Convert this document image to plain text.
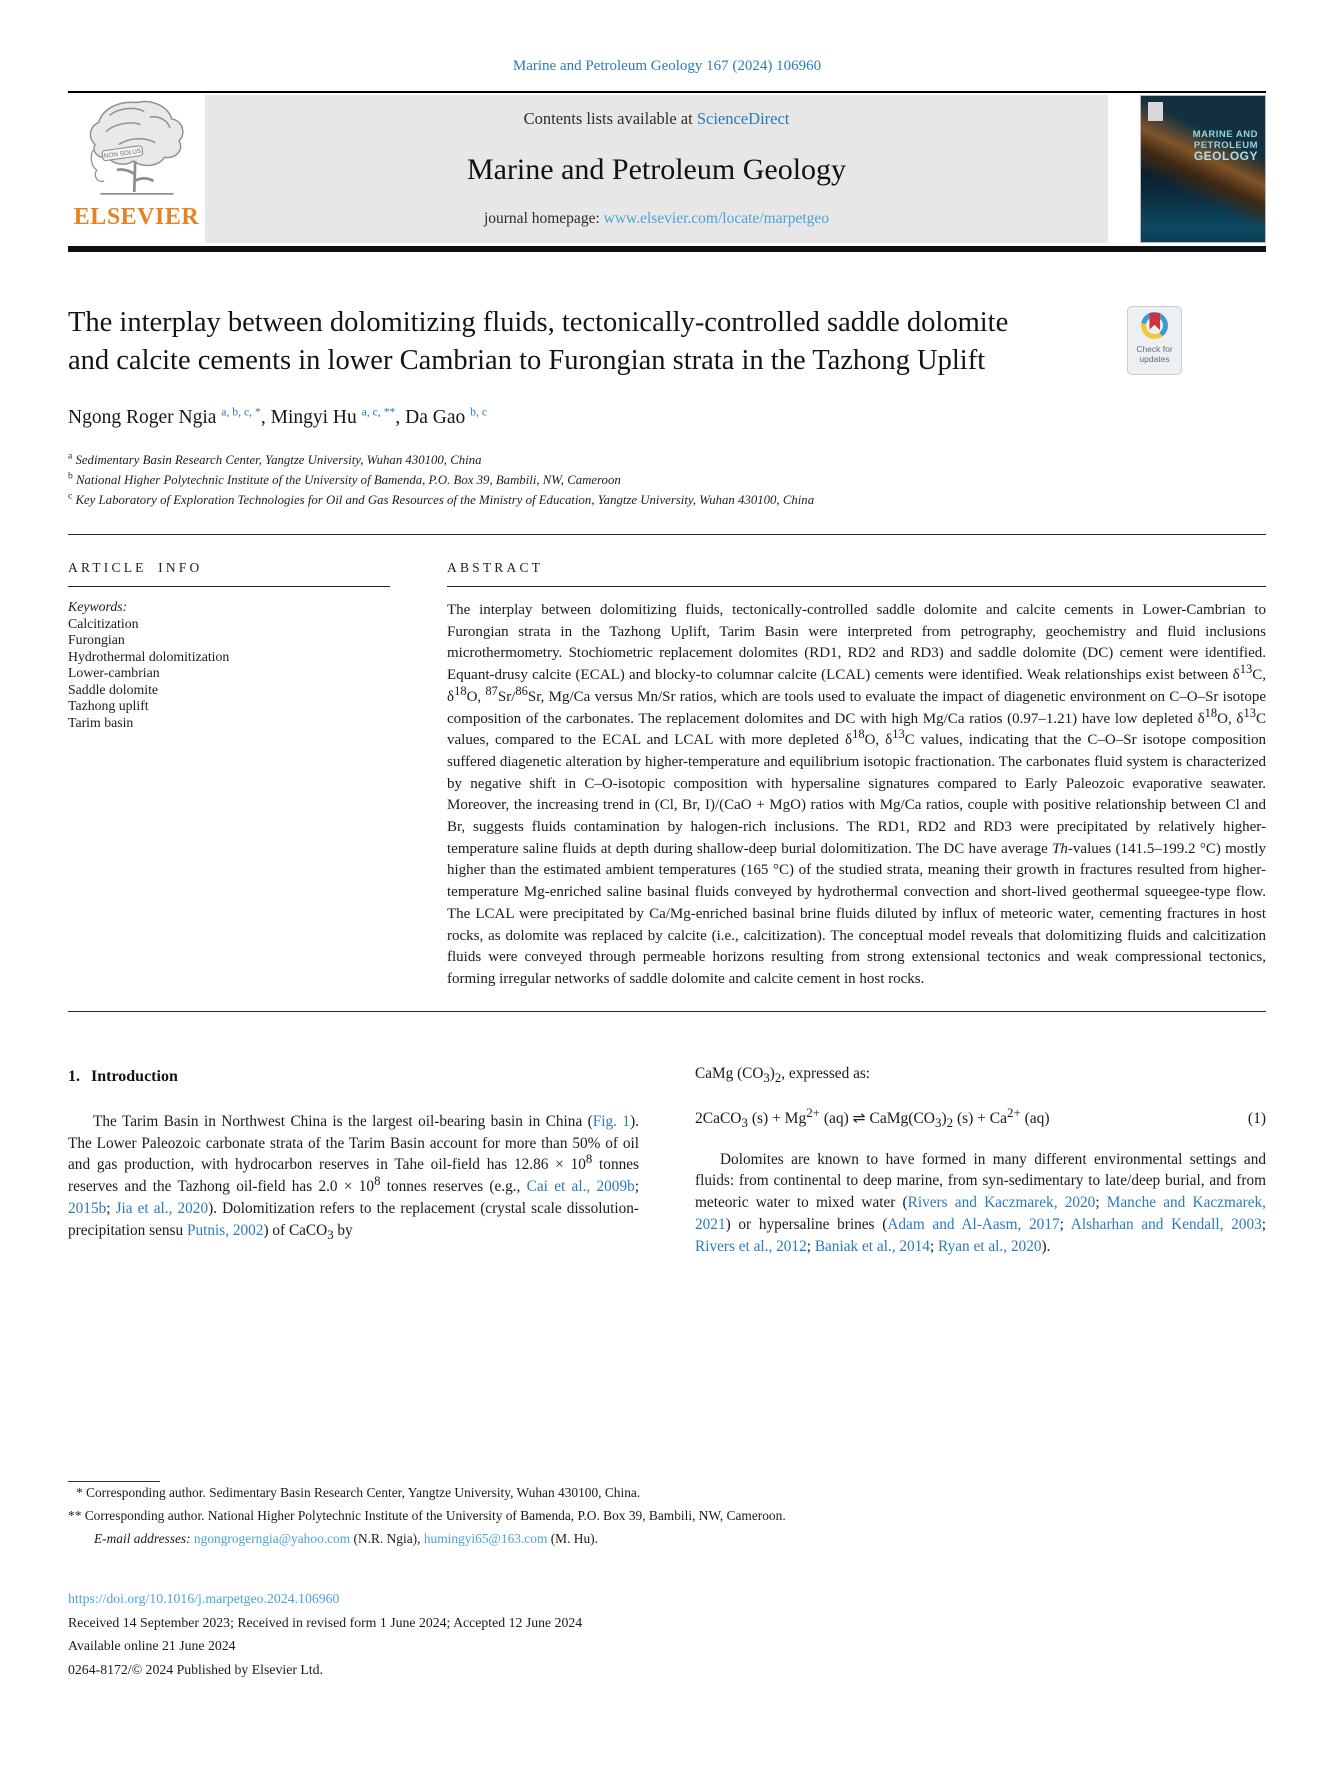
Marine and Petroleum Geology 167 (2024) 106960
NON SOLUS
ELSEVIER
Contents lists available at ScienceDirect
Marine and Petroleum Geology
journal homepage: www.elsevier.com/locate/marpetgeo
MARINE AND
PETROLEUM
GEOLOGY
The interplay between dolomitizing fluids, tectonically-controlled saddle dolomite and calcite cements in lower Cambrian to Furongian strata in the Tazhong Uplift	Check for
updates
Ngong Roger Ngia $^{a, b, c, *}$, Mingyi Hu $^{a, c, **}$, Da Gao $^{b, c}$
$^a$ Sedimentary Basin Research Center, Yangtze University, Wuhan 430100, China
$^b$ National Higher Polytechnic Institute of the University of Bamenda, P.O. Box 39, Bambili, NW, Cameroon
$^c$ Key Laboratory of Exploration Technologies for Oil and Gas Resources of the Ministry of Education, Yangtze University, Wuhan 430100, China
ARTICLE INFO
Keywords:
Calcitization
Furongian
Hydrothermal dolomitization
Lower-cambrian
Saddle dolomite
Tazhong uplift
Tarim basin
ABSTRACT
The interplay between dolomitizing fluids, tectonically-controlled saddle dolomite and calcite cements in Lower-Cambrian to Furongian strata in the Tazhong Uplift, Tarim Basin were interpreted from petrography, geochemistry and fluid inclusions microthermometry. Stochiometric replacement dolomites (RD1, RD2 and RD3) and saddle dolomite (DC) cement were identified. Equant-drusy calcite (ECAL) and blocky-to columnar calcite (LCAL) cements were identified. Weak relationships exist between $\delta^{13}C$, $\delta^{18}O$, $^{87}$Sr/$^{86}$Sr, Mg/Ca versus Mn/Sr ratios, which are tools used to evaluate the impact of diagenetic environment on C–O–Sr isotope composition of the carbonates. The replacement dolomites and DC with high Mg/Ca ratios (0.97–1.21) have low depleted $\delta^{18}O$, $\delta^{13}C$ values, compared to the ECAL and LCAL with more depleted $\delta^{18}O$, $\delta^{13}C$ values, indicating that the C–O–Sr isotope composition suffered diagenetic alteration by higher-temperature and equilibrium isotopic fractionation. The carbonates fluid system is characterized by negative shift in C–O-isotopic composition with hypersaline signatures compared to Early Paleozoic evaporative seawater. Moreover, the increasing trend in (Cl, Br, I)/(CaO + MgO) ratios with Mg/Ca ratios, couple with positive relationship between Cl and Br, suggests fluids contamination by halogen-rich inclusions. The RD1, RD2 and RD3 were precipitated by relatively higher-temperature saline fluids at depth during shallow-deep burial dolomitization. The DC have average Th-values (141.5–199.2 °C) mostly higher than the estimated ambient temperatures (165 °C) of the studied strata, meaning their growth in fractures resulted from higher-temperature Mg-enriched saline basinal fluids conveyed by hydrothermal convection and short-lived geothermal squeegee-type flow. The LCAL were precipitated by Ca/Mg-enriched basinal brine fluids diluted by influx of meteoric water, cementing fractures in host rocks, as dolomite was replaced by calcite (i.e., calcitization). The conceptual model reveals that dolomitizing fluids and calcitization fluids were conveyed through permeable horizons resulting from strong extensional tectonics and weak compressional tectonics, forming irregular networks of saddle dolomite and calcite cement in host rocks.
1. Introduction
The Tarim Basin in Northwest China is the largest oil-bearing basin in China (Fig. 1). The Lower Paleozoic carbonate strata of the Tarim Basin account for more than 50% of oil and gas production, with hydrocarbon reserves in Tahe oil-field has $12.86 \times 10^8$ tonnes reserves and the Tazhong oil-field has $2.0 \times 10^8$ tonnes reserves (e.g., Cai et al., 2009b; 2015b; Jia et al., 2020). Dolomitization refers to the replacement (crystal scale dissolution-precipitation sensu Putnis, 2002) of CaCO$_3$ by
CaMg $(CO_3)_2$, expressed as:
2CaCO$_3$ $(s) + Mg^{2+}$ (aq) ⇌ $CaMg(CO_3)_2$ $(s) + Ca^{2+}$ (aq)	(1)
Dolomites are known to have formed in many different environmental settings and fluids: from continental to deep marine, from syn-sedimentary to late/deep burial, and from meteoric water to mixed water (Rivers and Kaczmarek, 2020; Manche and Kaczmarek, 2021) or hypersaline brines (Adam and Al-Aasm, 2017; Alsharhan and Kendall, 2003; Rivers et al., 2012; Baniak et al., 2014; Ryan et al., 2020).
* Corresponding author. Sedimentary Basin Research Center, Yangtze University, Wuhan 430100, China.
** Corresponding author. National Higher Polytechnic Institute of the University of Bamenda, P.O. Box 39, Bambili, NW, Cameroon.
E-mail addresses: ngongrogerngia@yahoo.com (N.R. Ngia), humingyi65@163.com (M. Hu).
https://doi.org/10.1016/j.marpetgeo.2024.106960
Received 14 September 2023; Received in revised form 1 June 2024; Accepted 12 June 2024
Available online 21 June 2024
0264-8172/© 2024 Published by Elsevier Ltd.
